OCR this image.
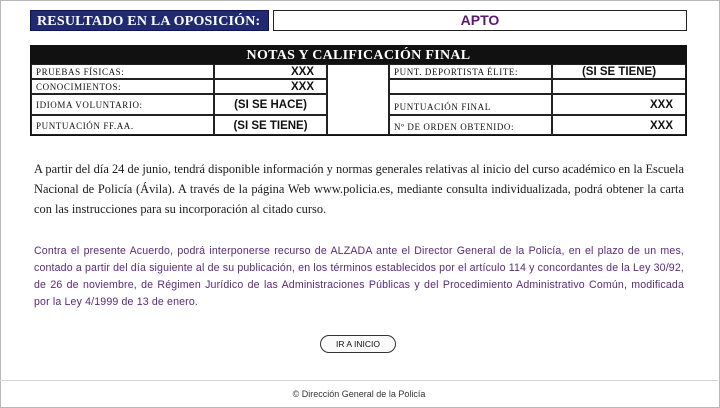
RESULTADO EN LA OPOSICIÓN:	APTO
NOTAS Y CALIFICACIÓN FINAL
PRUEBAS FÍSICAS:
CONOCIMIENTOS:
IDIOMA VOLUNTARIO:
PUNTUACIÓN FF.AA.
XXX
XXX
(SI SE HACE)
(SI SE TIENE)
PUNT. DEPORTISTA ÉLITE:
PUNTUACIÓN FINAL
Nº DE ORDEN OBTENIDO:
(SI SE TIENE)
XXX
XXX
A partir del día 24 de junio, tendrá disponible información y normas generales relativas al inicio del curso académico en la Escuela Nacional de Policía (Ávila). A través de la página Web www.policia.es, mediante consulta individualizada, podrá obtener la carta con las instrucciones para su incorporación al citado curso.
Contra el presente Acuerdo, podrá interponerse recurso de ALZADA ante el Director General de la Policía, en el plazo de un mes, contado a partir del día siguiente al de su publicación, en los términos establecidos por el artículo 114 y concordantes de la Ley 30/92, de 26 de noviembre, de Régimen Jurídico de las Administraciones Públicas y del Procedimiento Administrativo Común, modificada por la Ley 4/1999 de 13 de enero.
IR A INICIO
© Dirección General de la Policía
